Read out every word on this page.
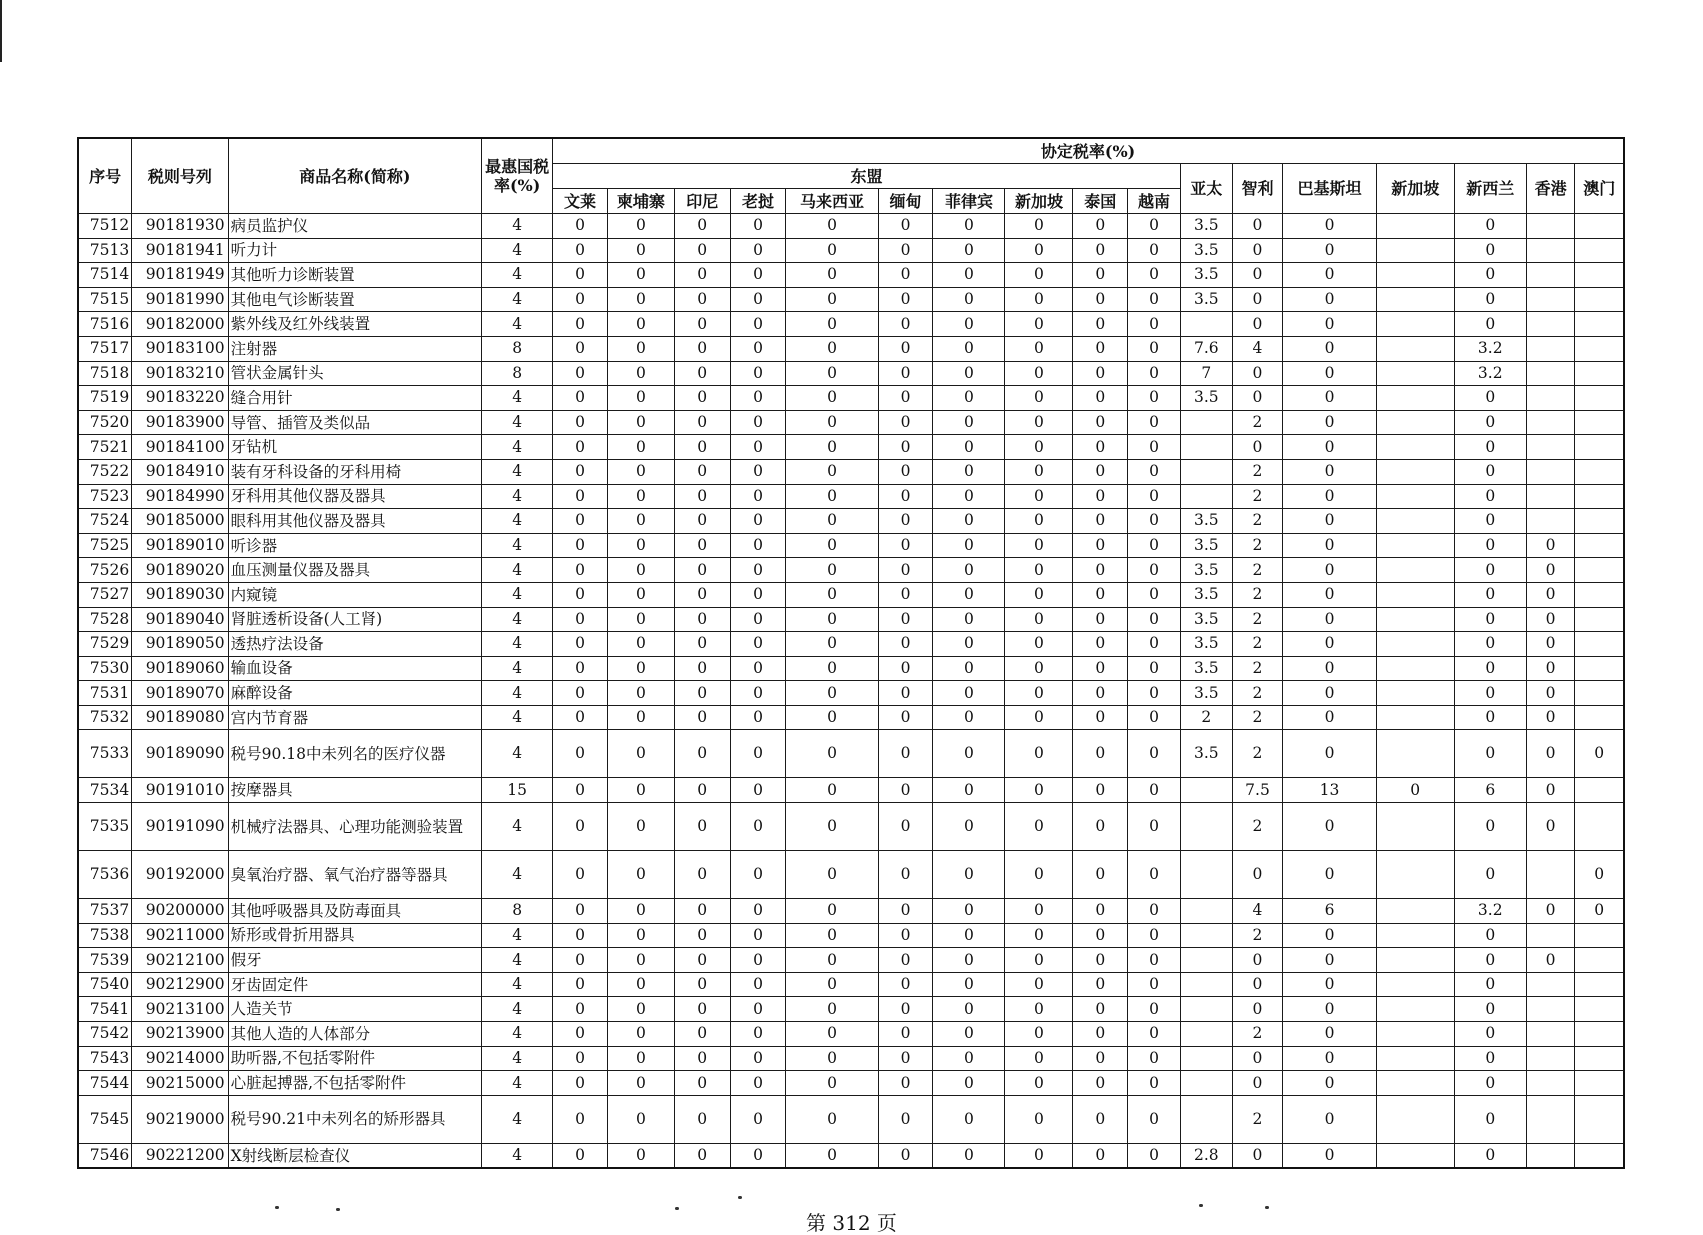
序号	税则号列	商品名称(简称)	最惠国税率(%)	协定税率(%)																
				东盟										亚太	智利	巴基斯坦	新加坡	新西兰	香港	澳门
				文莱	柬埔寨	印尼	老挝	马来西亚	缅甸	菲律宾	新加坡	泰国	越南							
7512	90181930	病员监护仪	4	0	0	0	0	0	0	0	0	0	0	3.5	0	0		0		
7513	90181941	听力计	4	0	0	0	0	0	0	0	0	0	0	3.5	0	0		0		
7514	90181949	其他听力诊断装置	4	0	0	0	0	0	0	0	0	0	0	3.5	0	0		0		
7515	90181990	其他电气诊断装置	4	0	0	0	0	0	0	0	0	0	0	3.5	0	0		0		
7516	90182000	紫外线及红外线装置	4	0	0	0	0	0	0	0	0	0	0		0	0		0		
7517	90183100	注射器	8	0	0	0	0	0	0	0	0	0	0	7.6	4	0		3.2		
7518	90183210	管状金属针头	8	0	0	0	0	0	0	0	0	0	0	7	0	0		3.2		
7519	90183220	缝合用针	4	0	0	0	0	0	0	0	0	0	0	3.5	0	0		0		
7520	90183900	导管、插管及类似品	4	0	0	0	0	0	0	0	0	0	0		2	0		0		
7521	90184100	牙钻机	4	0	0	0	0	0	0	0	0	0	0		0	0		0		
7522	90184910	装有牙科设备的牙科用椅	4	0	0	0	0	0	0	0	0	0	0		2	0		0		
7523	90184990	牙科用其他仪器及器具	4	0	0	0	0	0	0	0	0	0	0		2	0		0		
7524	90185000	眼科用其他仪器及器具	4	0	0	0	0	0	0	0	0	0	0	3.5	2	0		0		
7525	90189010	听诊器	4	0	0	0	0	0	0	0	0	0	0	3.5	2	0		0	0	
7526	90189020	血压测量仪器及器具	4	0	0	0	0	0	0	0	0	0	0	3.5	2	0		0	0	
7527	90189030	内窥镜	4	0	0	0	0	0	0	0	0	0	0	3.5	2	0		0	0	
7528	90189040	肾脏透析设备(人工肾)	4	0	0	0	0	0	0	0	0	0	0	3.5	2	0		0	0	
7529	90189050	透热疗法设备	4	0	0	0	0	0	0	0	0	0	0	3.5	2	0		0	0	
7530	90189060	输血设备	4	0	0	0	0	0	0	0	0	0	0	3.5	2	0		0	0	
7531	90189070	麻醉设备	4	0	0	0	0	0	0	0	0	0	0	3.5	2	0		0	0	
7532	90189080	宫内节育器	4	0	0	0	0	0	0	0	0	0	0	2	2	0		0	0	
7533	90189090	税号90.18中未列名的医疗仪器	4	0	0	0	0	0	0	0	0	0	0	3.5	2	0		0	0	0
7534	90191010	按摩器具	15	0	0	0	0	0	0	0	0	0	0		7.5	13	0	6	0	
7535	90191090	机械疗法器具、心理功能测验装置	4	0	0	0	0	0	0	0	0	0	0		2	0		0	0	
7536	90192000	臭氧治疗器、氧气治疗器等器具	4	0	0	0	0	0	0	0	0	0	0		0	0		0		0
7537	90200000	其他呼吸器具及防毒面具	8	0	0	0	0	0	0	0	0	0	0		4	6		3.2	0	0
7538	90211000	矫形或骨折用器具	4	0	0	0	0	0	0	0	0	0	0		2	0		0		
7539	90212100	假牙	4	0	0	0	0	0	0	0	0	0	0		0	0		0	0	
7540	90212900	牙齿固定件	4	0	0	0	0	0	0	0	0	0	0		0	0		0		
7541	90213100	人造关节	4	0	0	0	0	0	0	0	0	0	0		0	0		0		
7542	90213900	其他人造的人体部分	4	0	0	0	0	0	0	0	0	0	0		2	0		0		
7543	90214000	助听器,不包括零附件	4	0	0	0	0	0	0	0	0	0	0		0	0		0		
7544	90215000	心脏起搏器,不包括零附件	4	0	0	0	0	0	0	0	0	0	0		0	0		0		
7545	90219000	税号90.21中未列名的矫形器具	4	0	0	0	0	0	0	0	0	0	0		2	0		0		
7546	90221200	X射线断层检查仪	4	0	0	0	0	0	0	0	0	0	0	2.8	0	0		0		
第 312 页
